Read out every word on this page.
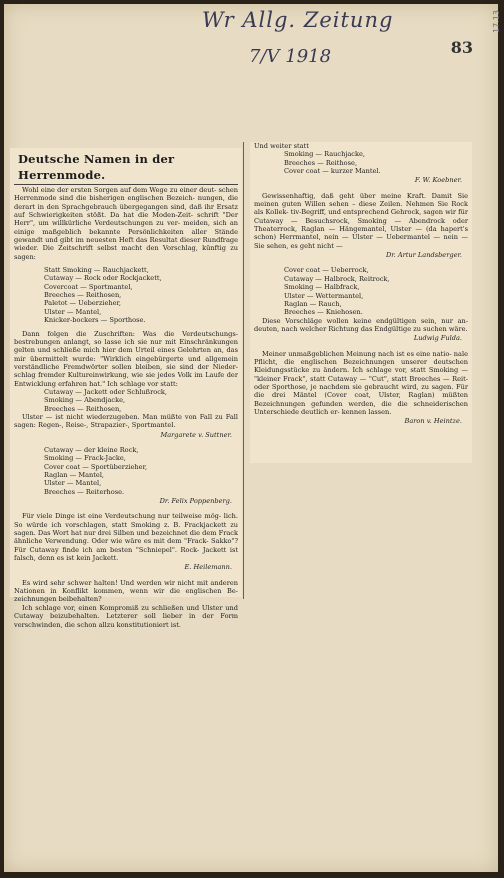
Wr Allg. Zeitung
7/V 1918
17.13
83
Deutsche Namen in der Herrenmode.
Wohl eine der ersten Sorgen auf dem Wege zu einer deut- schen Herrenmode sind die bisherigen englischen Bezeich- nungen, die derart in den Sprachgebrauch übergegangen sind, daß ihr Ersatz auf Schwierigkeiten stößt. Da hat die Moden-Zeit- schrift "Der Herr", um willkürliche Verdeutschungen zu ver- meiden, sich an einige maßgeblich bekannte Persönlichkeiten aller Stände gewandt und gibt im neuesten Heft das Resultat dieser Rundfrage wieder. Die Zeitschrift selbst macht den Vorschlag, künftig zu sagen:
Statt Smoking — Rauchjackett,
Cutaway — Rock oder Rockjackett,
Covercoat — Sportmantel,
Breeches — Reithosen,
Paletot — Ueberzieher,
Ulster — Mantel,
Knicker-bockers — Sporthose.
Dann folgen die Zuschriften: Was die Verdeutschungs- bestrebungen anlangt, so lasse ich sie nur mit Einschränkungen gelten und schließe mich hier dem Urteil eines Gelehrten an, das mir übermittelt wurde: "Wirklich eingebürgerte und allgemein verständliche Fremdwörter sollen bleiben, sie sind der Nieder- schlag fremder Kultureinwirkung, wie sie jedes Volk im Laufe der Entwicklung erfahren hat." Ich schlage vor statt:
Cutaway — Jackett oder Schlußrock,
Smoking — Abendjacke,
Breeches — Reithosen,
Ulster — ist nicht wiederzugeben. Man müßte von Fall zu Fall sagen: Regen-, Reise-, Strapazier-, Sportmantel.
Margarete v. Suttner.
Cutaway — der kleine Rock,
Smoking — Frack-Jacke,
Cover coat — Sportüberzieher,
Raglan — Mantel,
Ulster — Mantel,
Breeches — Reiterhose.
Dr. Felix Poppenberg.
Für viele Dinge ist eine Verdeutschung nur teilweise mög- lich. So würde ich vorschlagen, statt Smoking z. B. Frackjackett zu sagen. Das Wort hat nur drei Silben und bezeichnet die dem Frack ähnliche Verwendung. Oder wie wäre es mit dem "Frack- Sakko"? Für Cutaway finde ich am besten "Schniepel". Rock- Jackett ist falsch, denn es ist kein Jackett.
E. Heilemann.
Es wird sehr schwer halten! Und werden wir nicht mit anderen Nationen in Konflikt kommen, wenn wir die englischen Be- zeichnungen beibehalten?
Ich schlage vor, einen Kompromiß zu schließen und Ulster und Cutaway beizubehalten. Letzterer soll lieber in der Form verschwinden, die schon allzu konstitutioniert ist.
Und weiter statt
Smoking — Rauchjacke,
Breeches — Reithose,
Cover coat — kurzer Mantel.
F. W. Koebner.
Gewissenhaftig, daß geht über meine Kraft. Damit Sie meinen guten Willen sehen – diese Zeilen. Nehmen Sie Rock als Kollek- tiv-Begriff, und entsprechend Gehrock, sagen wir für Cutaway — Besuchsrock, Smoking — Abendrock oder Theaterrock, Raglan — Hängemantel, Ulster — (da hapert's schon) Herrmantel, nein — Ulster — Uebermantel — nein — Sie sehen, es geht nicht —
Dr. Artur Landsberger.
Cover coat — Ueberrock,
Cutaway — Halbrock, Reitrock,
Smoking — Halbfrack,
Ulster — Wettermantel,
Raglan — Rauch,
Breeches — Kniehosen.
Diese Vorschläge wollen keine endgültigen sein, nur an- deuten, nach welcher Richtung das Endgültige zu suchen wäre.
Ludwig Fulda.
Meiner unmaßgeblichen Meinung nach ist es eine natio- nale Pflicht, die englischen Bezeichnungen unserer deutschen Kleidungsstücke zu ändern. Ich schlage vor, statt Smoking — "kleiner Frack", statt Cutaway — "Cut", statt Breeches — Reit- oder Sporthose, je nachdem sie gebraucht wird, zu sagen. Für die drei Mäntel (Cover coat, Ulster, Raglan) müßten Bezeichnungen gefunden werden, die die schneiderischen Unterschiede deutlich er- kennen lassen.
Baron v. Heintze.
